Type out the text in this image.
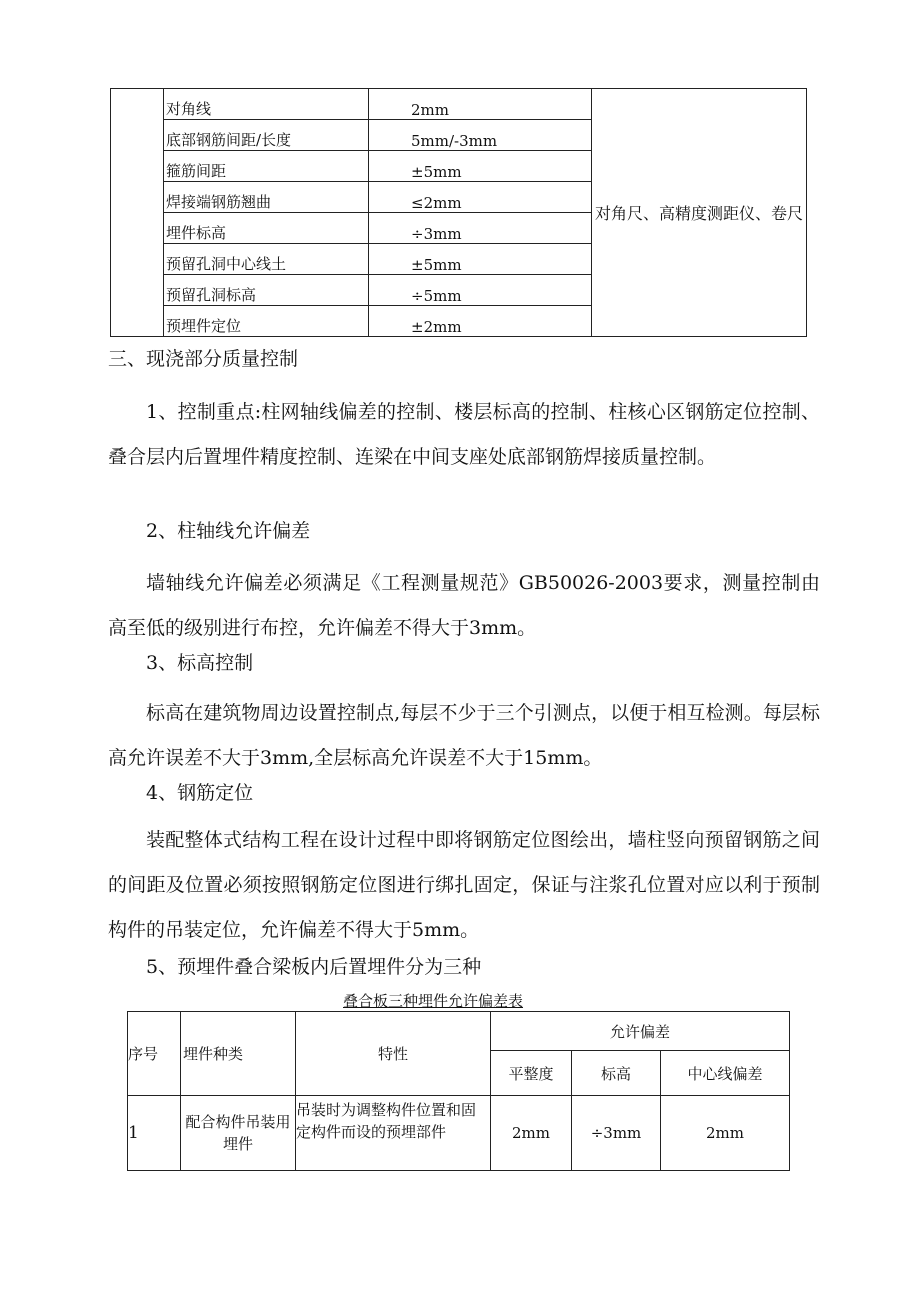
	对角线	2mm	对角尺、高精度测距仪、卷尺
	底部钢筋间距/长度	5mm/-3mm	
	箍筋间距	±5mm	
	焊接端钢筋翘曲	≤2mm	
	埋件标高	÷3mm	
	预留孔洞中心线土	±5mm	
	预留孔洞标高	÷5mm	
	预埋件定位	±2mm	

三、现浇部分质量控制

1、控制重点:柱网轴线偏差的控制、楼层标高的控制、柱核心区钢筋定位控制、叠合层内后置埋件精度控制、连梁在中间支座处底部钢筋焊接质量控制。

2、柱轴线允许偏差

墙轴线允许偏差必须满足《工程测量规范》GB50026-2003要求，测量控制由高至低的级别进行布控，允许偏差不得大于3mm。

3、标高控制

标高在建筑物周边设置控制点,每层不少于三个引测点，以便于相互检测。每层标高允许误差不大于3mm,全层标高允许误差不大于15mm。

4、钢筋定位

装配整体式结构工程在设计过程中即将钢筋定位图绘出，墙柱竖向预留钢筋之间的间距及位置必须按照钢筋定位图进行绑扎固定，保证与注浆孔位置对应以利于预制构件的吊装定位，允许偏差不得大于5mm。

5、预埋件叠合梁板内后置埋件分为三种

叠合板三种埋件允许偏差表
序号	埋件种类	特性	允许偏差		
			平整度	标高	中心线偏差
1	配合构件吊装用埋件	吊装时为调整构件位置和固定构件而设的预埋部件	2mm	÷3mm	2mm
